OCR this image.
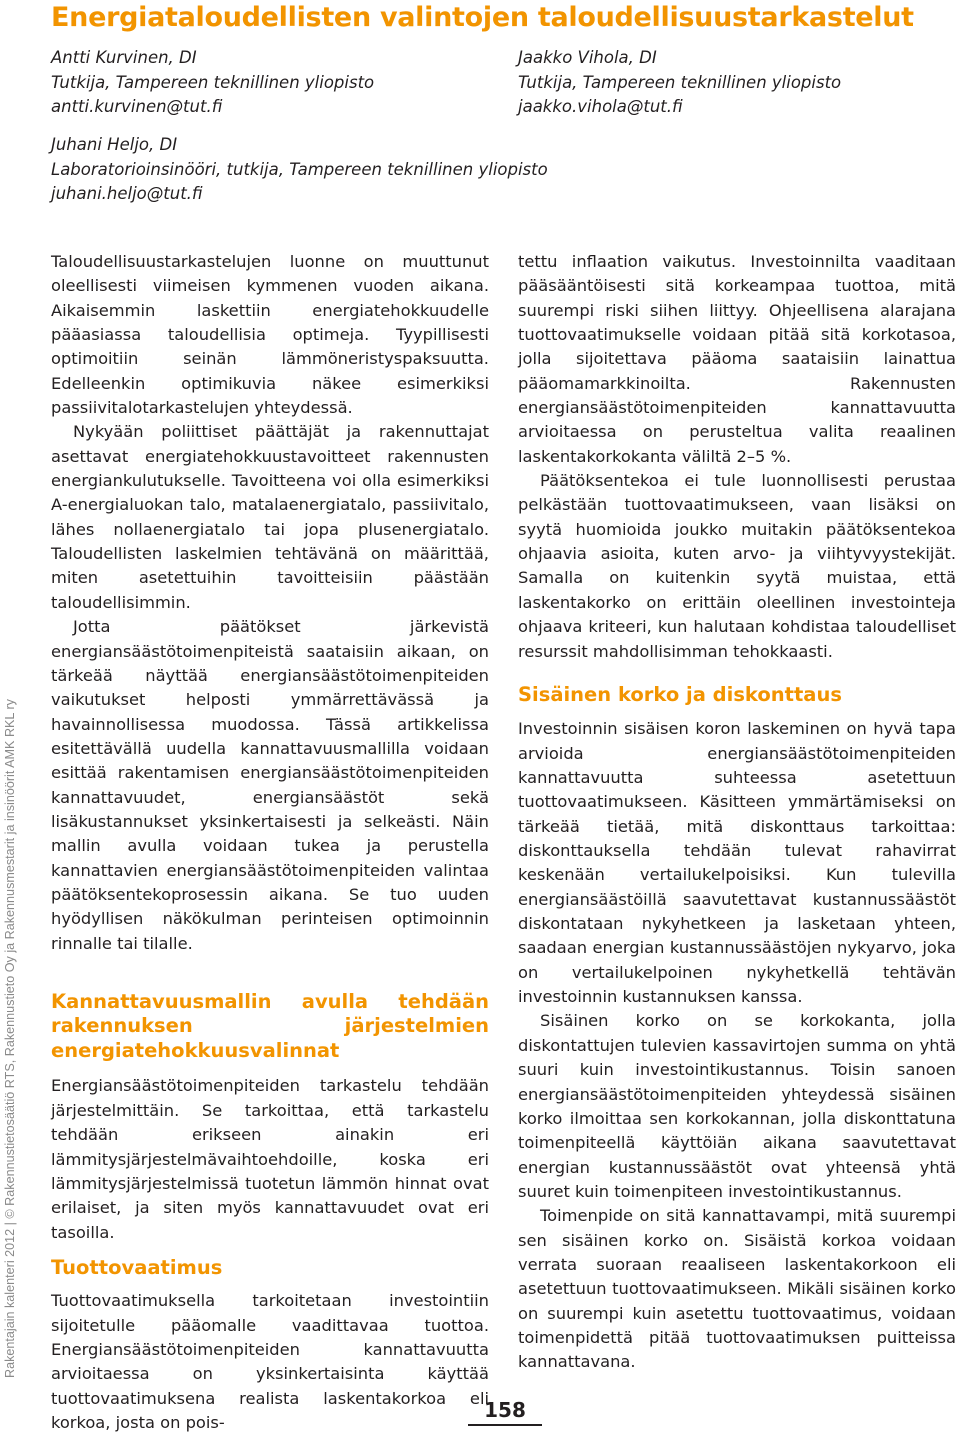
Energiataloudellisten valintojen taloudellisuustarkastelut
Antti Kurvinen, DI
Tutkija, Tampereen teknillinen yliopisto
antti.kurvinen@tut.fi
Jaakko Vihola, DI
Tutkija, Tampereen teknillinen yliopisto
jaakko.vihola@tut.fi
Juhani Heljo, DI
Laboratorioinsinööri, tutkija, Tampereen teknillinen yliopisto
juhani.heljo@tut.fi

Taloudellisuustarkastelujen luonne on muuttunut oleellisesti viimeisen kymmenen vuoden aikana. Aikaisemmin laskettiin energiatehokkuudelle pääasiassa taloudellisia optimeja. Tyypillisesti optimoitiin seinän lämmöneristyspaksuutta. Edelleenkin optimikuvia näkee esimerkiksi passiivitalotarkastelujen yhteydessä.

Nykyään poliittiset päättäjät ja rakennuttajat asettavat energiatehokkuustavoitteet rakennusten energiankulutukselle. Tavoitteena voi olla esimerkiksi A-energialuokan talo, matalaenergiatalo, passiivitalo, lähes nollaenergiatalo tai jopa plusenergiatalo. Taloudellisten laskelmien tehtävänä on määrittää, miten asetettuihin tavoitteisiin päästään taloudellisimmin.

Jotta päätökset järkevistä energiansäästötoimenpiteistä saataisiin aikaan, on tärkeää näyttää energiansäästötoimenpiteiden vaikutukset helposti ymmärrettävässä ja havainnollisessa muodossa. Tässä artikkelissa esitettävällä uudella kannattavuusmallilla voidaan esittää rakentamisen energiansäästötoimenpiteiden kannattavuudet, energiansäästöt sekä lisäkustannukset yksinkertaisesti ja selkeästi. Näin mallin avulla voidaan tukea ja perustella kannattavien energiansäästötoimenpiteiden valintaa päätöksentekoprosessin aikana. Se tuo uuden hyödyllisen näkökulman perinteisen optimoinnin rinnalle tai tilalle.

Kannattavuusmallin avulla tehdään rakennuksen järjestelmien energiatehokkuusvalinnat

Energiansäästötoimenpiteiden tarkastelu tehdään järjestelmittäin. Se tarkoittaa, että tarkastelu tehdään erikseen ainakin eri lämmitysjärjestelmävaihtoehdoille, koska eri lämmitysjärjestelmissä tuotetun lämmön hinnat ovat erilaiset, ja siten myös kannattavuudet ovat eri tasoilla.

Tuottovaatimus

Tuottovaatimuksella tarkoitetaan investointiin sijoitetulle pääomalle vaadittavaa tuottoa. Energiansäästötoimenpiteiden kannattavuutta arvioitaessa on yksinkertaisinta käyttää tuottovaatimuksena realista laskentakorkoa eli korkoa, josta on pois-

tettu inflaation vaikutus. Investoinnilta vaaditaan pääsääntöisesti sitä korkeampaa tuottoa, mitä suurempi riski siihen liittyy. Ohjeellisena alarajana tuottovaatimukselle voidaan pitää sitä korkotasoa, jolla sijoitettava pääoma saataisiin lainattua pääomamarkkinoilta. Rakennusten energiansäästötoimenpiteiden kannattavuutta arvioitaessa on perusteltua valita reaalinen laskentakorkokanta väliltä 2–5 %.

Päätöksentekoa ei tule luonnollisesti perustaa pelkästään tuottovaatimukseen, vaan lisäksi on syytä huomioida joukko muitakin päätöksentekoa ohjaavia asioita, kuten arvo- ja viihtyvyystekijät. Samalla on kuitenkin syytä muistaa, että laskentakorko on erittäin oleellinen investointeja ohjaava kriteeri, kun halutaan kohdistaa taloudelliset resurssit mahdollisimman tehokkaasti.

Sisäinen korko ja diskonttaus

Investoinnin sisäisen koron laskeminen on hyvä tapa arvioida energiansäästötoimenpiteiden kannattavuutta suhteessa asetettuun tuottovaatimukseen. Käsitteen ymmärtämiseksi on tärkeää tietää, mitä diskonttaus tarkoittaa: diskonttauksella tehdään tulevat rahavirrat keskenään vertailukelpoisiksi. Kun tulevilla energiansäästöillä saavutettavat kustannussäästöt diskontataan nykyhetkeen ja lasketaan yhteen, saadaan energian kustannussäästöjen nykyarvo, joka on vertailukelpoinen nykyhetkellä tehtävän investoinnin kustannuksen kanssa.

Sisäinen korko on se korkokanta, jolla diskontattujen tulevien kassavirtojen summa on yhtä suuri kuin investointikustannus. Toisin sanoen energiansäästötoimenpiteiden yhteydessä sisäinen korko ilmoittaa sen korkokannan, jolla diskonttatuna toimenpiteellä käyttöiän aikana saavutettavat energian kustannussäästöt ovat yhteensä yhtä suuret kuin toimenpiteen investointikustannus.

Toimenpide on sitä kannattavampi, mitä suurempi sen sisäinen korko on. Sisäistä korkoa voidaan verrata suoraan reaaliseen laskentakorkoon eli asetettuun tuottovaatimukseen. Mikäli sisäinen korko on suurempi kuin asetettu tuottovaatimus, voidaan toimenpidettä pitää tuottovaatimuksen puitteissa kannattavana.

Rakentajain kalenteri 2012 | © Rakennustietosäätiö RTS, Rakennustieto Oy ja Rakennusmestarit ja insinöörit AMK RKL ry
158
